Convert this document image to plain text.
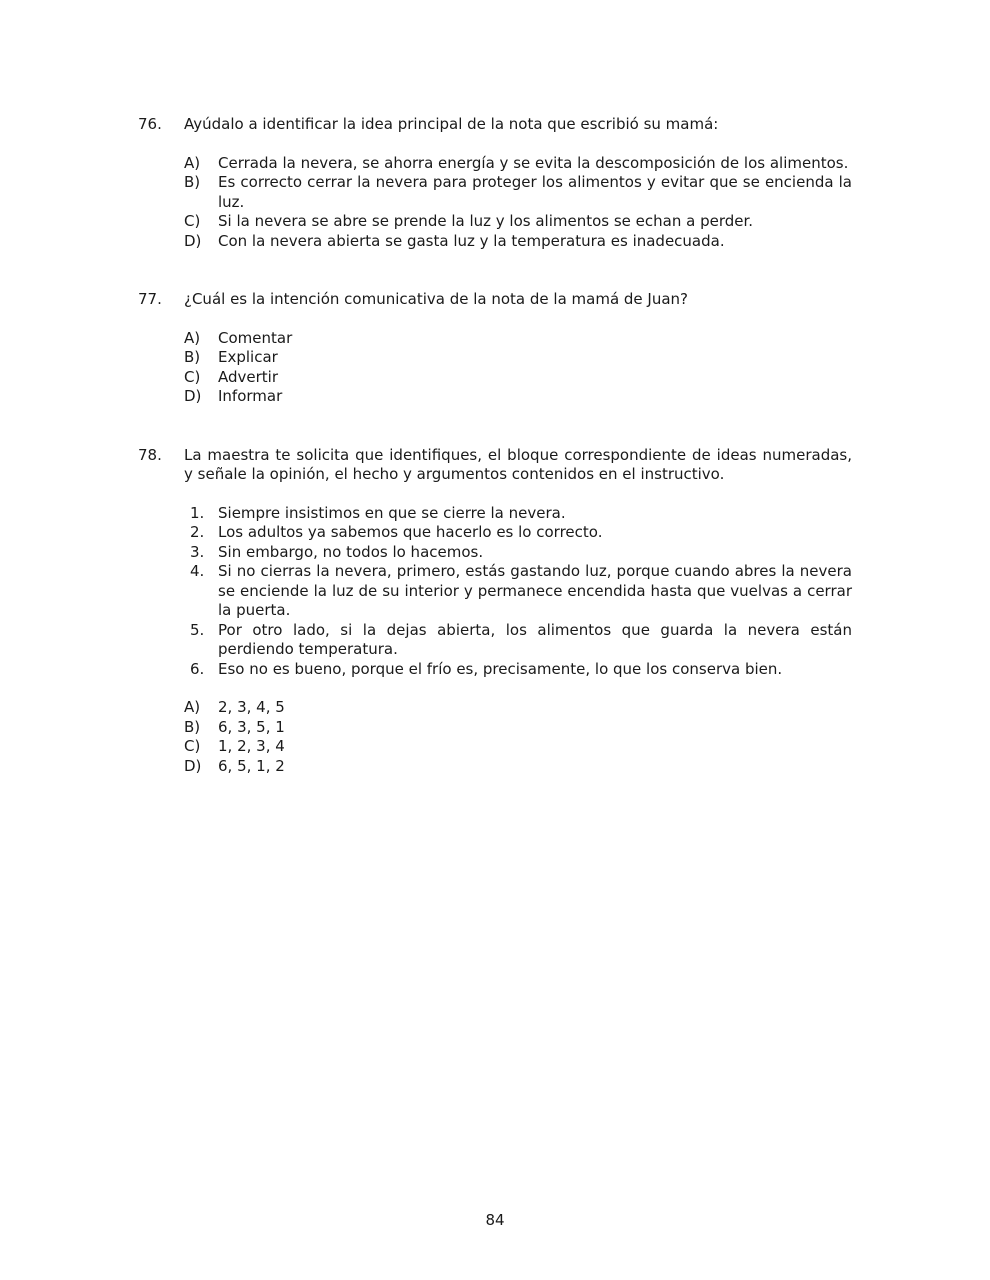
76.	Ayúdalo a identificar la idea principal de la nota que escribió su mamá:
A)	Cerrada la nevera, se ahorra energía y se evita la descomposición de los alimentos.
B)	Es correcto cerrar la nevera para proteger los alimentos y evitar que se encienda la luz.
C)	Si la nevera se abre se prende la luz y los alimentos se echan a perder.
D)	Con la nevera abierta se gasta luz y la temperatura es inadecuada.
77.	¿Cuál es la intención comunicativa de la nota de la mamá de Juan?
A)	Comentar
B)	Explicar
C)	Advertir
D)	Informar
78.	La maestra te solicita que identifiques, el bloque correspondiente de ideas numeradas, y señale la opinión, el hecho y argumentos contenidos en el instructivo.
1. Siempre insistimos en que se cierre la nevera.
2. Los adultos ya sabemos que hacerlo es lo correcto.
3. Sin embargo, no todos lo hacemos.
4. Si no cierras la nevera, primero, estás gastando luz, porque cuando abres la nevera se enciende la luz de su interior y permanece encendida hasta que vuelvas a cerrar la puerta.
5. Por otro lado, si la dejas abierta, los alimentos que guarda la nevera están perdiendo temperatura.
6. Eso no es bueno, porque el frío es, precisamente, lo que los conserva bien.
A)	2, 3, 4, 5
B)	6, 3, 5, 1
C)	1, 2, 3, 4
D)	6, 5, 1, 2
84
